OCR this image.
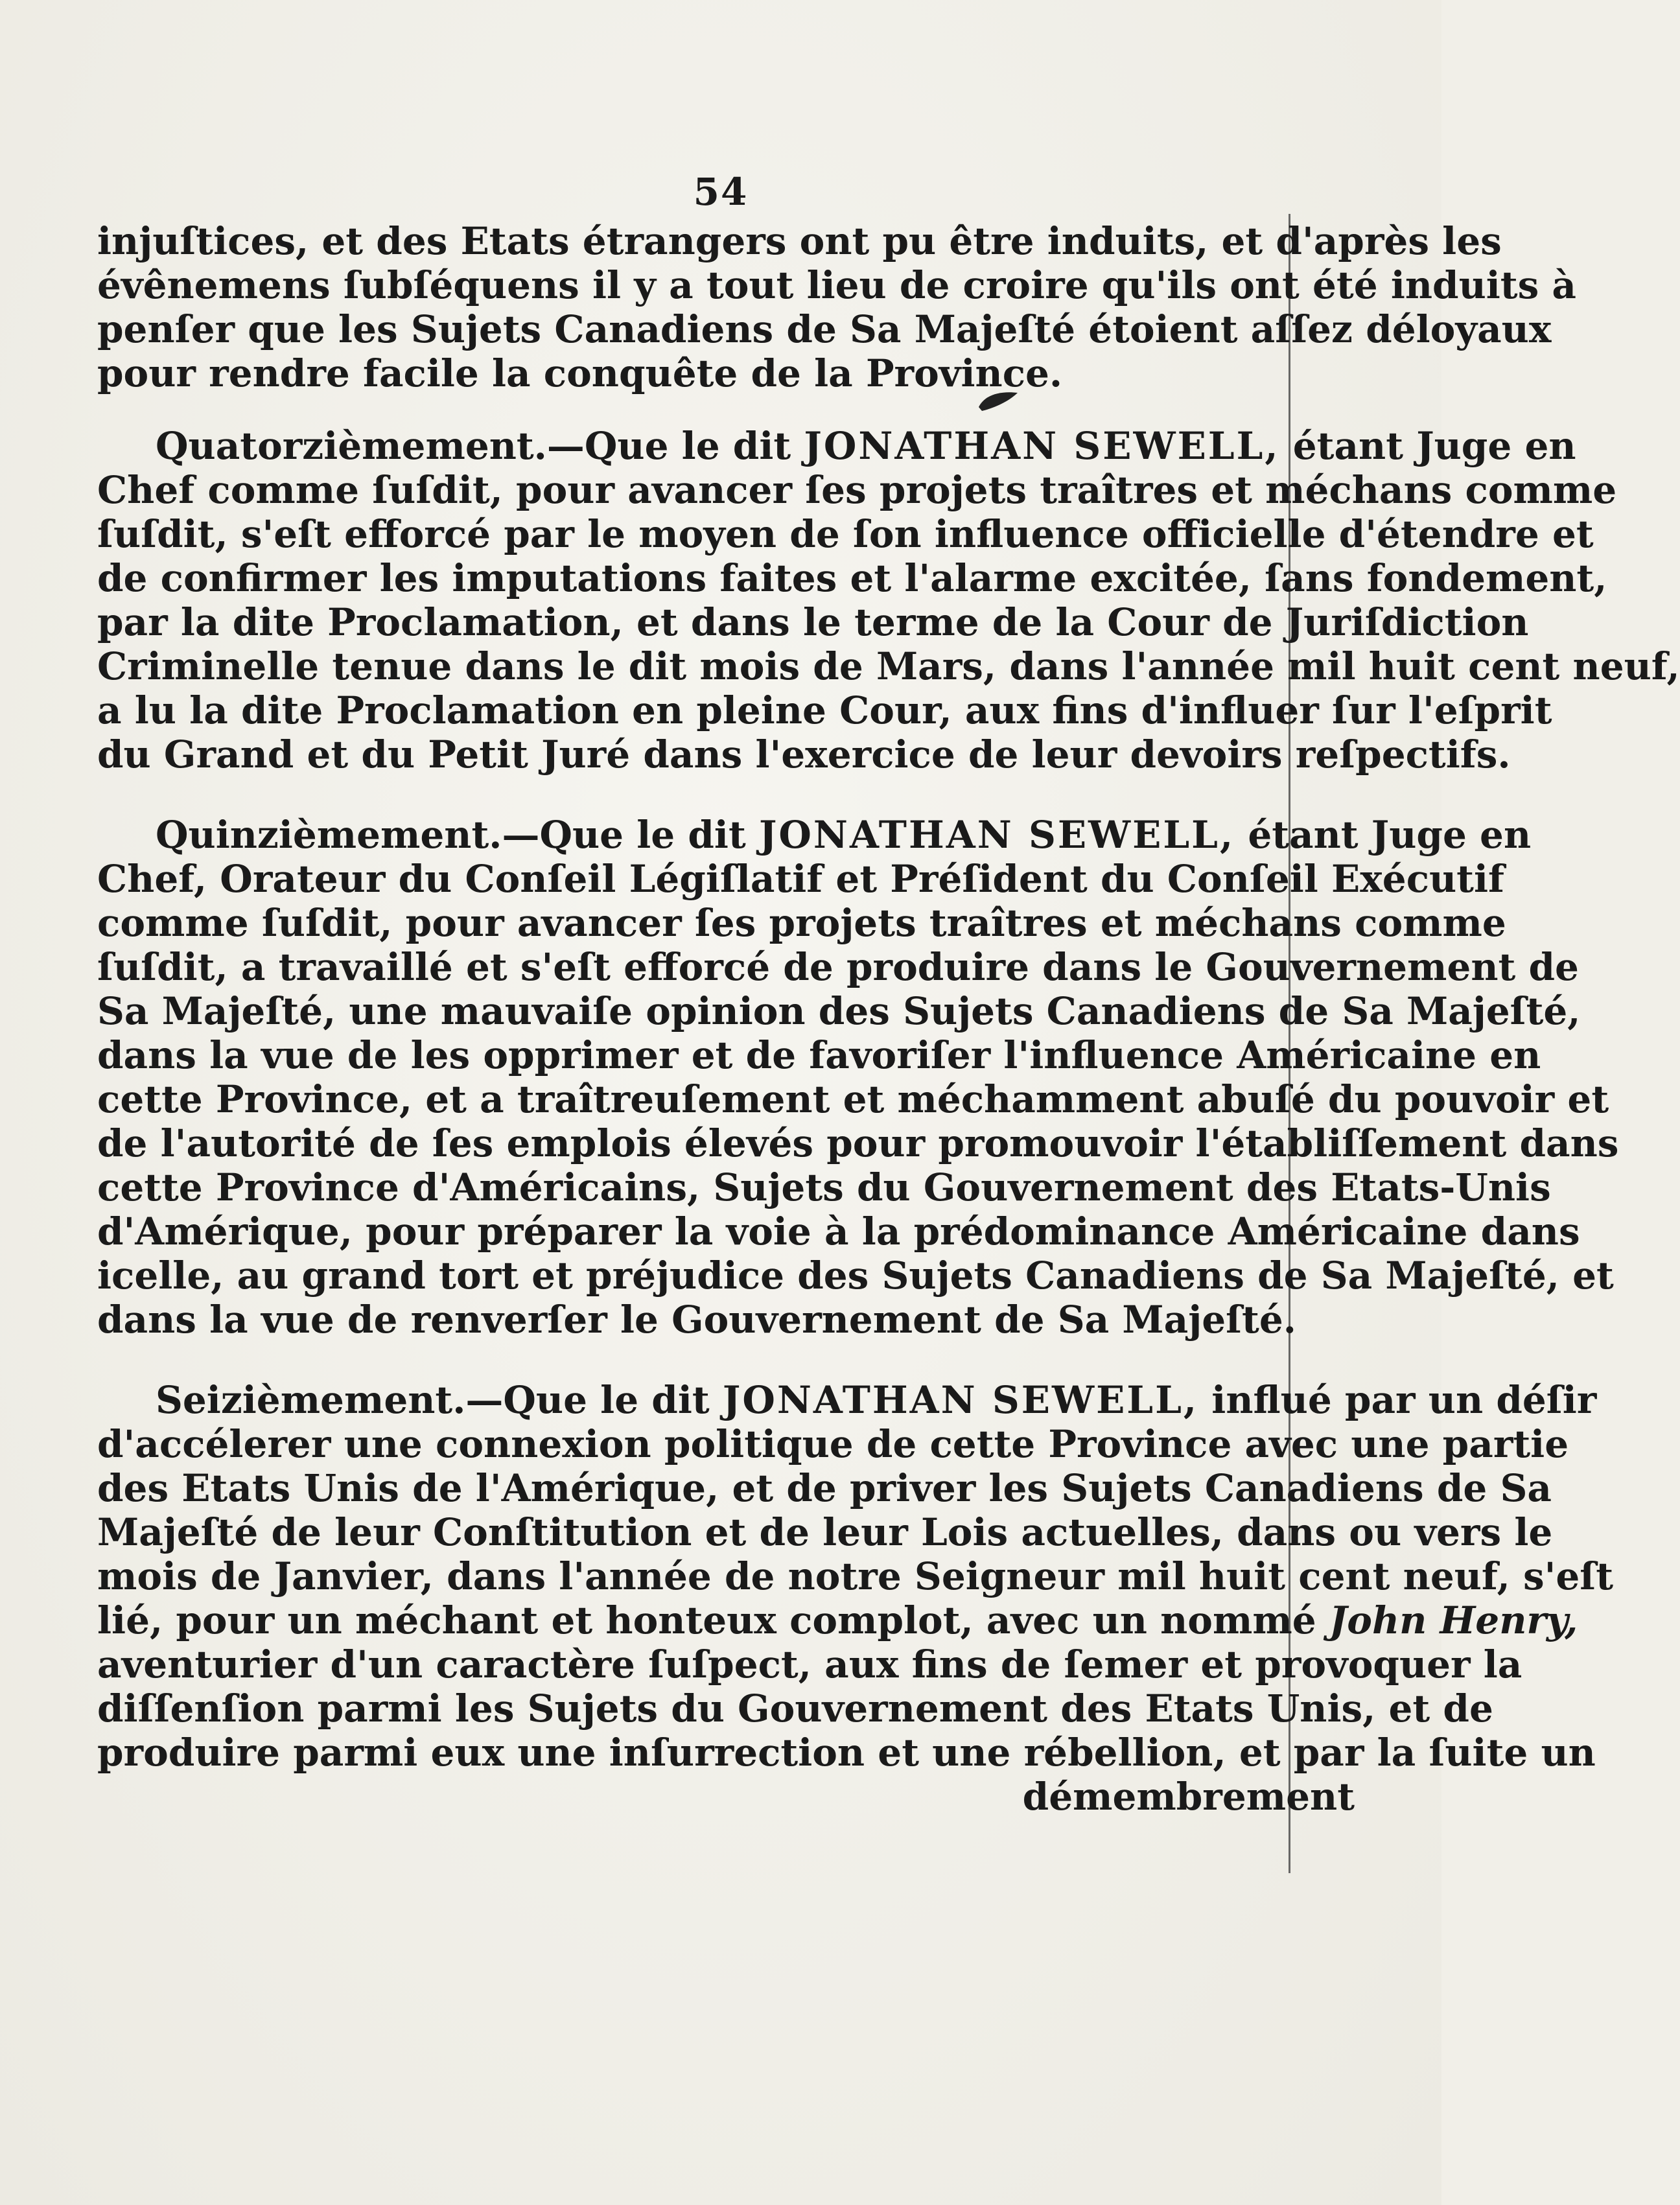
54
injuſtices, et des Etats étrangers ont pu être induits, et d'après les
évênemens ſubſéquens il y a tout lieu de croire qu'ils ont été induits à
penſer que les Sujets Canadiens de Sa Majeſté étoient aſſez déloyaux
pour rendre facile la conquête de la Province.
Quatorzièmement.—Que le dit JONATHAN SEWELL, étant Juge en
Chef comme ſuſdit, pour avancer ſes projets traîtres et méchans comme
ſuſdit, s'eſt efforcé par le moyen de ſon influence officielle d'étendre et
de confirmer les imputations faites et l'alarme excitée, ſans fondement,
par la dite Proclamation, et dans le terme de la Cour de Juriſdiction
Criminelle tenue dans le dit mois de Mars, dans l'année mil huit cent neuf,
a lu la dite Proclamation en pleine Cour, aux fins d'influer ſur l'eſprit
du Grand et du Petit Juré dans l'exercice de leur devoirs reſpectifs.
Quinzièmement.—Que le dit JONATHAN SEWELL, étant Juge en
Chef, Orateur du Conſeil Légiſlatif et Préſident du Conſeil Exécutif
comme ſuſdit, pour avancer ſes projets traîtres et méchans comme
ſuſdit, a travaillé et s'eſt efforcé de produire dans le Gouvernement de
Sa Majeſté, une mauvaiſe opinion des Sujets Canadiens de Sa Majeſté,
dans la vue de les opprimer et de favoriſer l'influence Américaine en
cette Province, et a traîtreuſement et méchamment abuſé du pouvoir et
de l'autorité de ſes emplois élevés pour promouvoir l'établiſſement dans
cette Province d'Américains, Sujets du Gouvernement des Etats-Unis
d'Amérique, pour préparer la voie à la prédominance Américaine dans
icelle, au grand tort et préjudice des Sujets Canadiens de Sa Majeſté, et
dans la vue de renverſer le Gouvernement de Sa Majeſté.
Seizièmement.—Que le dit JONATHAN SEWELL, influé par un déſir
d'accélerer une connexion politique de cette Province avec une partie
des Etats Unis de l'Amérique, et de priver les Sujets Canadiens de Sa
Majeſté de leur Conſtitution et de leur Lois actuelles, dans ou vers le
mois de Janvier, dans l'année de notre Seigneur mil huit cent neuf, s'eſt
lié, pour un méchant et honteux complot, avec un nommé John Henry,
aventurier d'un caractère ſuſpect, aux fins de ſemer et provoquer la
diſſenſion parmi les Sujets du Gouvernement des Etats Unis, et de
produire parmi eux une inſurrection et une rébellion, et par la ſuite un
démembrement
